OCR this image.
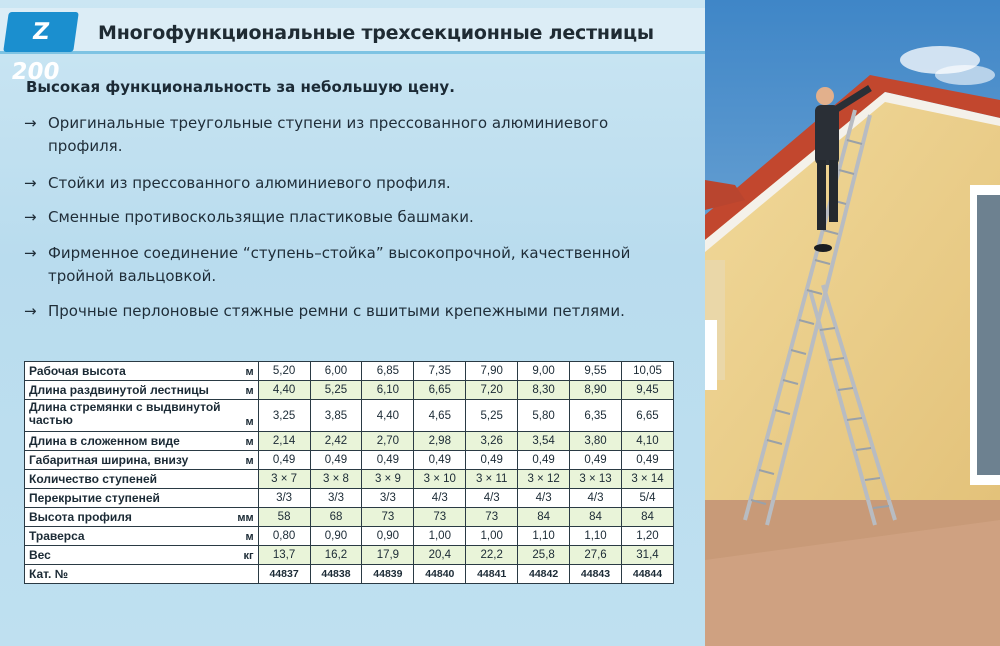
Z 200
Многофункциональные трехсекционные лестницы
Высокая функциональность за небольшую цену.
→ Оригинальные треугольные ступени из прессованного алюминиевого профиля.
→ Стойки из прессованного алюминиевого профиля.
→ Сменные противоскользящие пластиковые башмаки.
→ Фирменное соединение “ступень–стойка” высокопрочной, качественной тройной вальцовкой.
→ Прочные перлоновые стяжные ремни с вшитыми крепежными петлями.
Рабочая высота м	5,20	6,00	6,85	7,35	7,90	9,00	9,55	10,05
Длина раздвинутой лестницы м	4,40	5,25	6,10	6,65	7,20	8,30	8,90	9,45
Длина стремянки с выдвинутой частью м	3,25	3,85	4,40	4,65	5,25	5,80	6,35	6,65
Длина в сложенном виде м	2,14	2,42	2,70	2,98	3,26	3,54	3,80	4,10
Габаритная ширина, внизу м	0,49	0,49	0,49	0,49	0,49	0,49	0,49	0,49
Количество ступеней	3 × 7	3 × 8	3 × 9	3 × 10	3 × 11	3 × 12	3 × 13	3 × 14
Перекрытие ступеней	3/3	3/3	3/3	4/3	4/3	4/3	4/3	5/4
Высота профиля мм	58	68	73	73	73	84	84	84
Траверса м	0,80	0,90	0,90	1,00	1,00	1,10	1,10	1,20
Вес кг	13,7	16,2	17,9	20,4	22,2	25,8	27,6	31,4
Кат. №	44837	44838	44839	44840	44841	44842	44843	44844
